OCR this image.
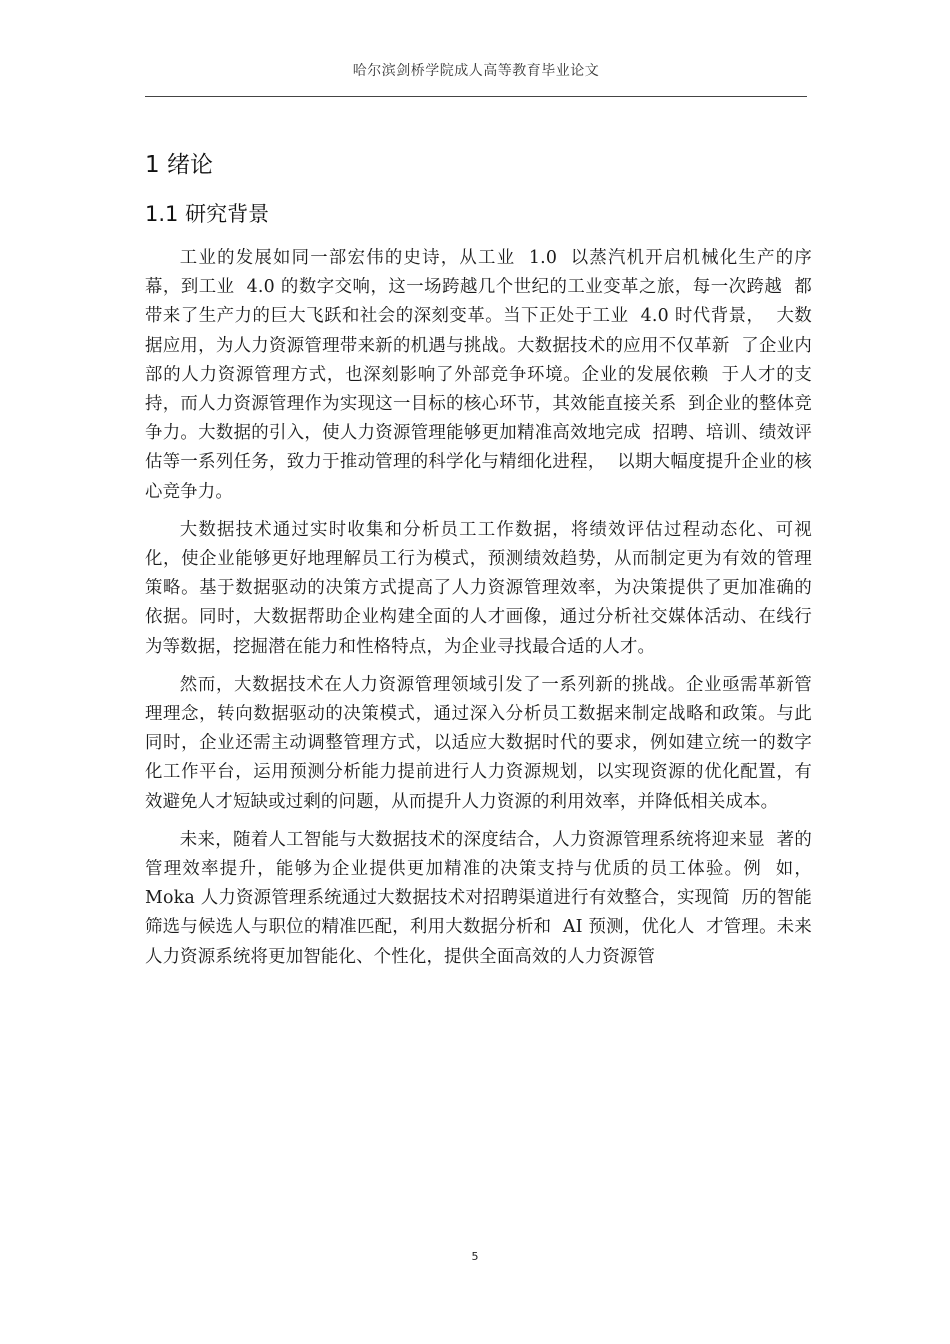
哈尔滨剑桥学院成人高等教育毕业论文
1 绪论
1.1 研究背景

工业的发展如同一部宏伟的史诗，从工业  1.0  以蒸汽机开启机械化生产的序  幕，到工业  4.0 的数字交响，这一场跨越几个世纪的工业变革之旅，每一次跨越  都带来了生产力的巨大飞跃和社会的深刻变革。当下正处于工业  4.0 时代背景，  大数据应用，为人力资源管理带来新的机遇与挑战。大数据技术的应用不仅革新  了企业内部的人力资源管理方式，也深刻影响了外部竞争环境。企业的发展依赖  于人才的支持，而人力资源管理作为实现这一目标的核心环节，其效能直接关系  到企业的整体竞争力。大数据的引入，使人力资源管理能够更加精准高效地完成  招聘、培训、绩效评估等一系列任务，致力于推动管理的科学化与精细化进程，  以期大幅度提升企业的核心竞争力。

大数据技术通过实时收集和分析员工工作数据，将绩效评估过程动态化、可视化，使企业能够更好地理解员工行为模式，预测绩效趋势，从而制定更为有效的管理策略。基于数据驱动的决策方式提高了人力资源管理效率，为决策提供了更加准确的依据。同时，大数据帮助企业构建全面的人才画像，通过分析社交媒体活动、在线行为等数据，挖掘潜在能力和性格特点，为企业寻找最合适的人才。

然而，大数据技术在人力资源管理领域引发了一系列新的挑战。企业亟需革新管理理念，转向数据驱动的决策模式，通过深入分析员工数据来制定战略和政策。与此同时，企业还需主动调整管理方式，以适应大数据时代的要求，例如建立统一的数字化工作平台，运用预测分析能力提前进行人力资源规划，以实现资源的优化配置，有效避免人才短缺或过剩的问题，从而提升人力资源的利用效率，并降低相关成本。

未来，随着人工智能与大数据技术的深度结合，人力资源管理系统将迎来显  著的管理效率提升，能够为企业提供更加精准的决策支持与优质的员工体验。例  如，Moka 人力资源管理系统通过大数据技术对招聘渠道进行有效整合，实现简  历的智能筛选与候选人与职位的精准匹配，利用大数据分析和  AI 预测，优化人  才管理。未来人力资源系统将更加智能化、个性化，提供全面高效的人力资源管

5
